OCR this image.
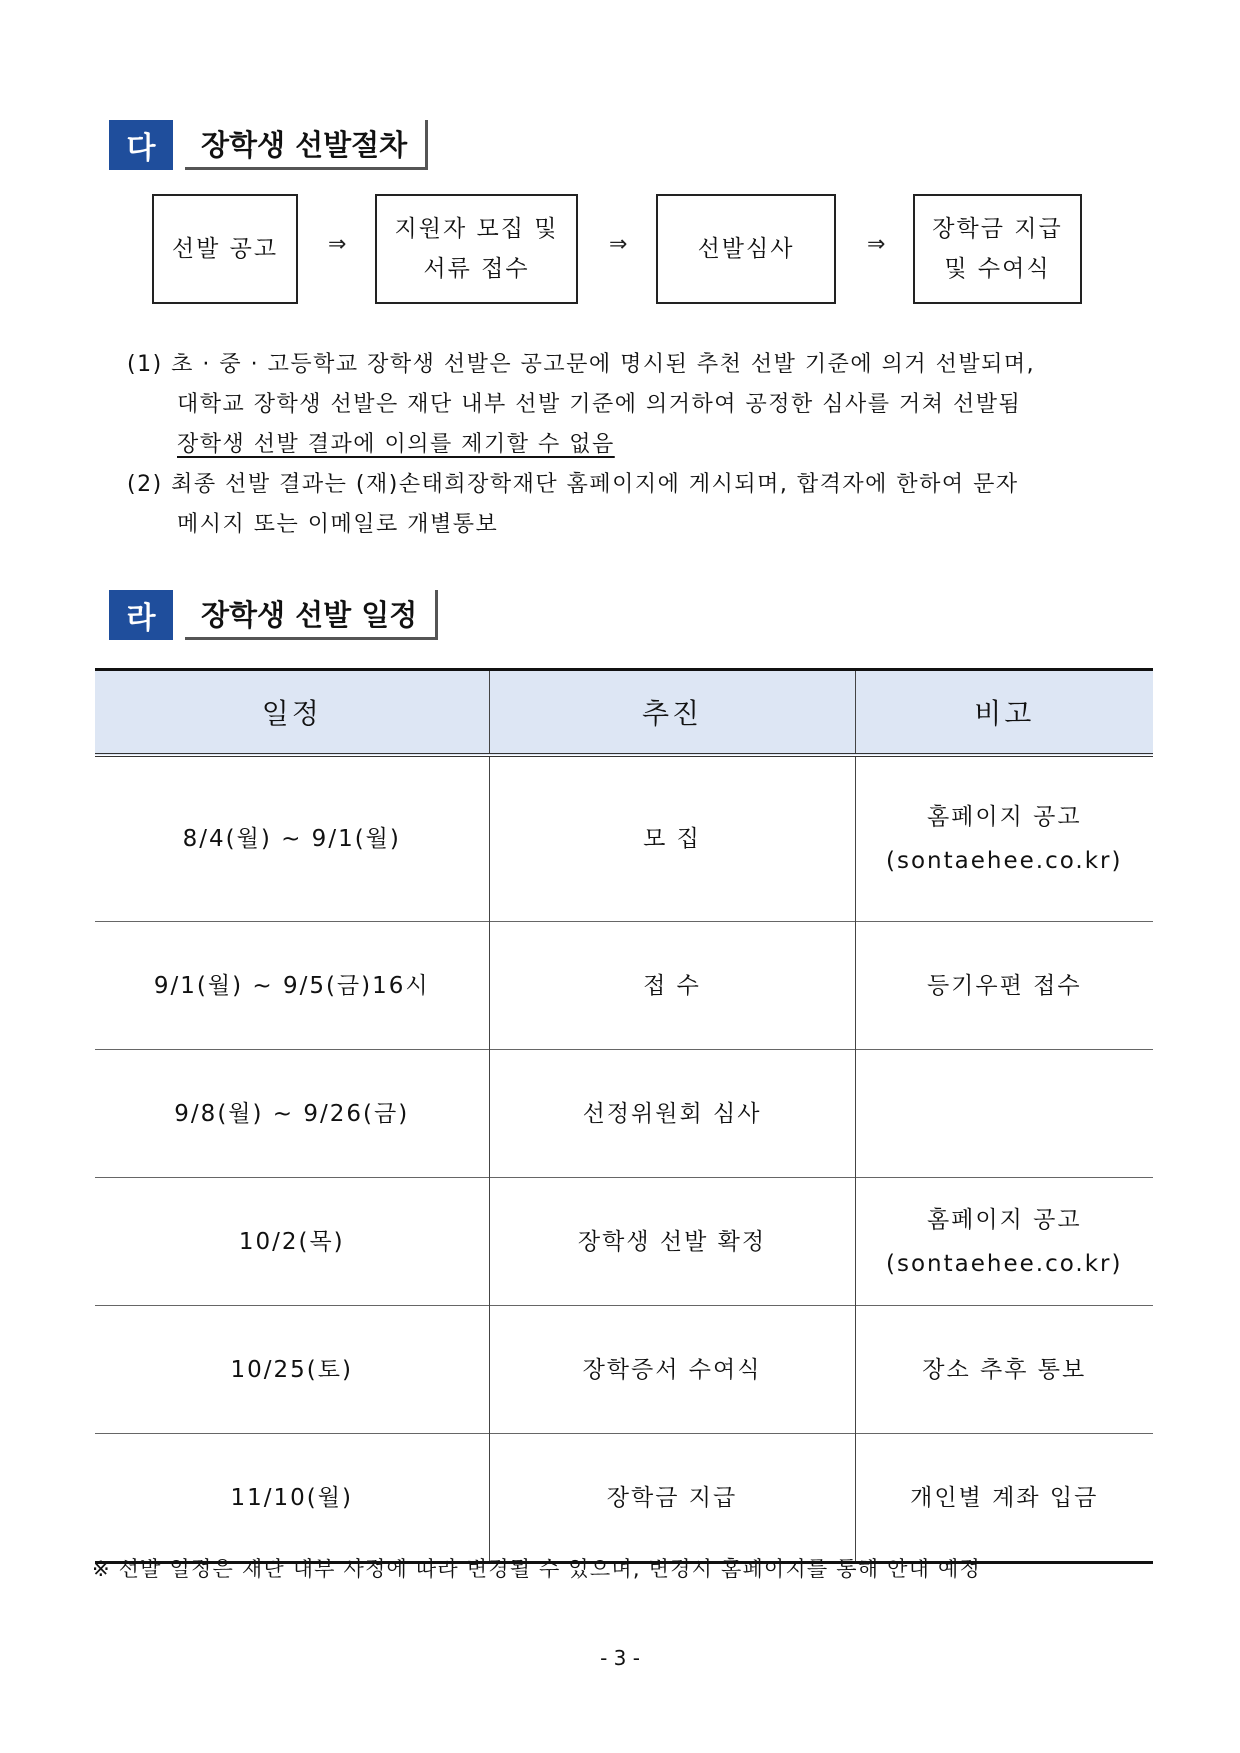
다	장학생 선발절차
선발 공고 ⇒
지원자 모집 및
서류 접수
⇒	선발심사	⇒
장학금 지급
및 수여식
(1) 초 · 중 · 고등학교 장학생 선발은 공고문에 명시된 추천 선발 기준에 의거 선발되며,
대학교 장학생 선발은 재단 내부 선발 기준에 의거하여 공정한 심사를 거쳐 선발됨
장학생 선발 결과에 이의를 제기할 수 없음
(2) 최종 선발 결과는 (재)손태희장학재단 홈페이지에 게시되며, 합격자에 한하여 문자
메시지 또는 이메일로 개별통보
라	장학생 선발 일정
일정	추진	비고
8/4(월) ~ 9/1(월)	모 집	홈페이지 공고
(sontaehee.co.kr)

9/1(월) ~ 9/5(금)16시	접 수	등기우편 접수

9/8(월) ~ 9/26(금)	선정위원회 심사	
10/2(목)	장학생 선발 확정	홈페이지 공고
(sontaehee.co.kr)

10/25(토)	장학증서 수여식	장소 추후 통보

11/10(월)	장학금 지급	개인별 계좌 입금
※ 선발 일정은 재단 내부 사정에 따라 변경될 수 있으며, 변경시 홈페이지를 통해 안내 예정
- 3 -
